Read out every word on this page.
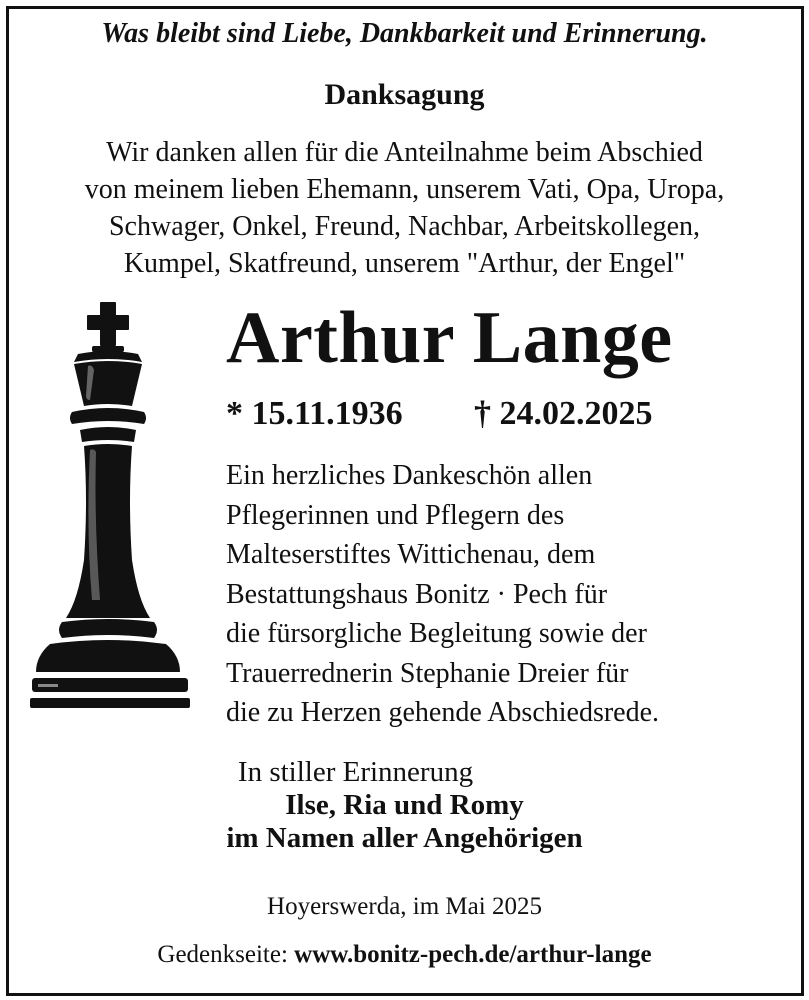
Was bleibt sind Liebe, Dankbarkeit und Erinnerung.
Danksagung
Wir danken allen für die Anteilnahme beim Abschied
von meinem lieben Ehemann, unserem Vati, Opa, Uropa,
Schwager, Onkel, Freund, Nachbar, Arbeitskollegen,
Kumpel, Skatfreund, unserem "Arthur, der Engel"
Arthur Lange
* 15.11.1936 † 24.02.2025
Ein herzliches Dankeschön allen
Pflegerinnen und Pflegern des
Malteserstiftes Wittichenau, dem
Bestattungshaus Bonitz · Pech für
die fürsorgliche Begleitung sowie der
Trauerrednerin Stephanie Dreier für
die zu Herzen gehende Abschiedsrede.
In stiller Erinnerung
Ilse, Ria und Romy
im Namen aller Angehörigen
Hoyerswerda, im Mai 2025
Gedenkseite: www.bonitz-pech.de/arthur-lange
